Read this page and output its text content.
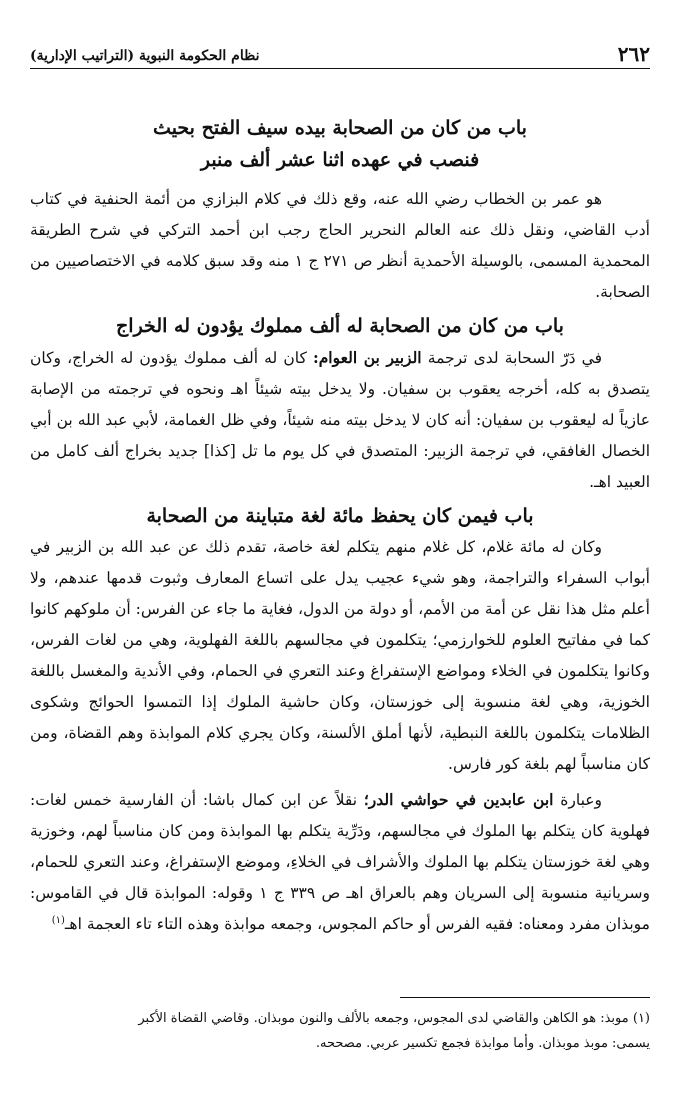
٢٦٢
نظام الحكومة النبوية (التراتيب الإدارية)
باب من كان من الصحابة بيده سيف الفتح بحيث
فنصب في عهده اثنا عشر ألف منبر

هو عمر بن الخطاب رضي الله عنه، وقع ذلك في كلام البزازي من أئمة الحنفية في كتاب أدب القاضي، ونقل ذلك عنه العالم النحرير الحاج رجب ابن أحمد التركي في شرح الطريقة المحمدية المسمى، بالوسيلة الأحمدية أنظر ص ٢٧١ ج ١ منه وقد سبق كلامه في الاختصاصيين من الصحابة.

باب من كان من الصحابة له ألف مملوك يؤدون له الخراج

في دَرّ السحابة لدى ترجمة الزبير بن العوام: كان له ألف مملوك يؤدون له الخراج، وكان يتصدق به كله، أخرجه يعقوب بن سفيان. ولا يدخل بيته شيئاً اهـ ونحوه في ترجمته من الإصابة عازياً له ليعقوب بن سفيان: أنه كان لا يدخل بيته منه شيئاً، وفي ظل الغمامة، لأبي عبد الله بن أبي الخصال الغافقي، في ترجمة الزبير: المتصدق في كل يوم ما تل [كذا] جديد بخراج ألف كامل من العبيد اهـ.

باب فيمن كان يحفظ مائة لغة متباينة من الصحابة

وكان له مائة غلام، كل غلام منهم يتكلم لغة خاصة، تقدم ذلك عن عبد الله بن الزبير في أبواب السفراء والتراجمة، وهو شيء عجيب يدل على اتساع المعارف وثبوت قدمها عندهم، ولا أعلم مثل هذا نقل عن أمة من الأمم، أو دولة من الدول، فغاية ما جاء عن الفرس: أن ملوكهم كانوا كما في مفاتيح العلوم للخوارزمي؛ يتكلمون في مجالسهم باللغة الفهلوية، وهي من لغات الفرس، وكانوا يتكلمون في الخلاء ومواضع الإستفراغ وعند التعري في الحمام، وفي الأندية والمغسل باللغة الخوزية، وهي لغة منسوبة إلى خوزستان، وكان حاشية الملوك إذا التمسوا الحوائج وشكوى الظلامات يتكلمون باللغة النبطية، لأنها أملق الألسنة، وكان يجري كلام الموابذة وهم القضاة، ومن كان مناسباً لهم بلغة كور فارس.

وعبارة ابن عابدين في حواشي الدر؛ نقلاً عن ابن كمال باشا: أن الفارسية خمس لغات: فهلوية كان يتكلم بها الملوك في مجالسهم، ودَرِّية يتكلم بها الموابذة ومن كان مناسباً لهم، وخوزية وهي لغة خوزستان يتكلم بها الملوك والأشراف في الخلاءِ، وموضع الإستفراغ، وعند التعري للحمام، وسريانية منسوبة إلى السريان وهم بالعراق اهـ ص ٣٣٩ ج ١ وقوله: الموابذة قال في القاموس: موبذان مفرد ومعناه: فقيه الفرس أو حاكم المجوس، وجمعه موابذة وهذه التاء تاء العجمة اهـ$^{(١)}$

(١) موبذ: هو الكاهن والقاضي لدى المجوس، وجمعه بالألف والنون موبذان. وقاضي القضاة الأكبر
يسمى: موبذ موبذان. وأما موابذة فجمع تكسير عربي. مصححه.
